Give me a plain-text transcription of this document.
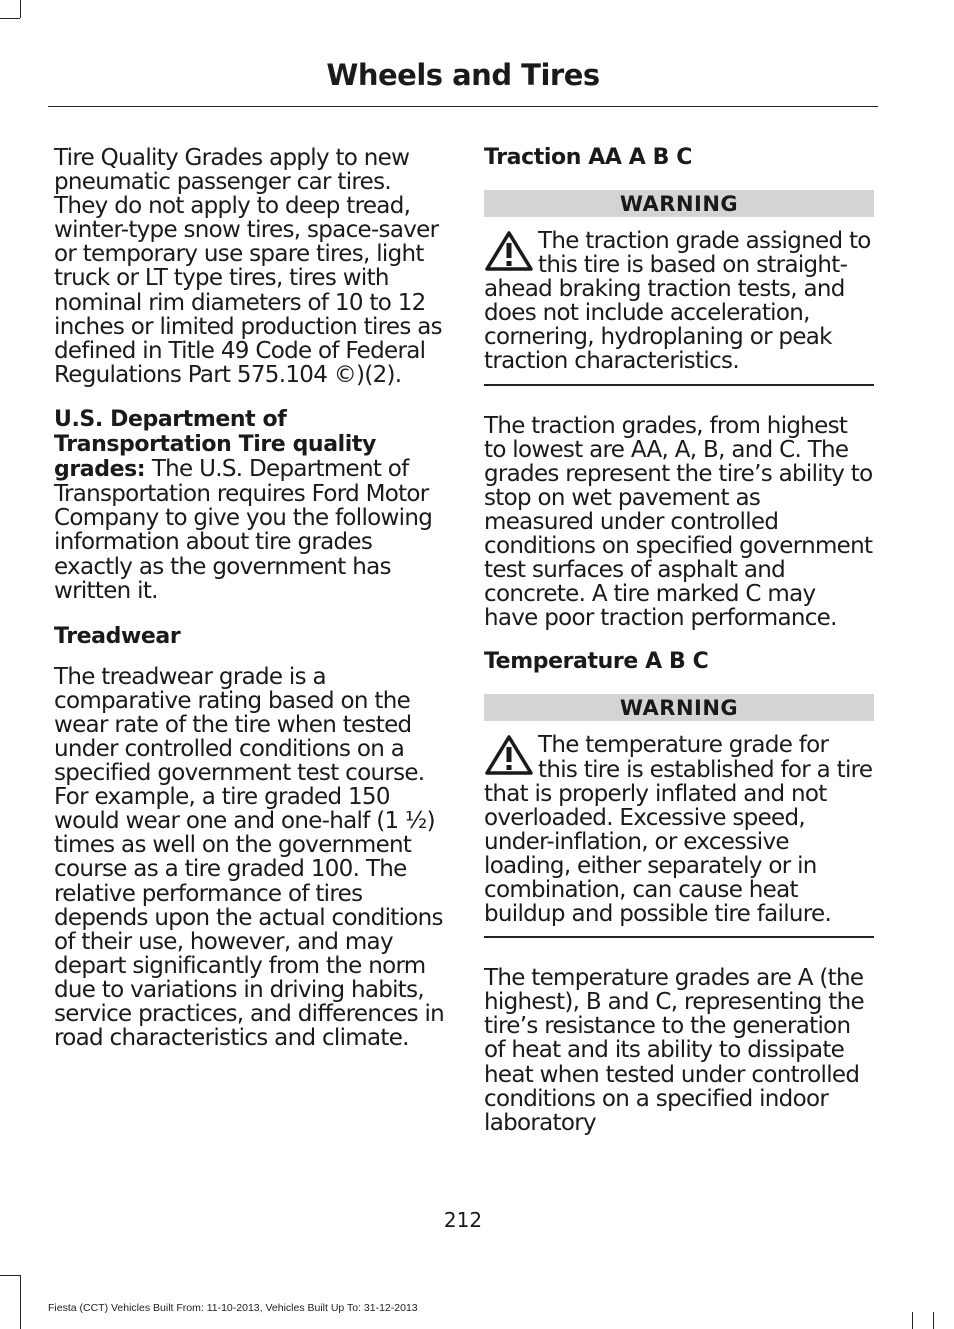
Wheels and Tires

Tire Quality Grades apply to new pneumatic passenger car tires. They do not apply to deep tread, winter-type snow tires, space-saver or temporary use spare tires, light truck or LT type tires, tires with nominal rim diameters of 10 to 12 inches or limited production tires as defined in Title 49 Code of Federal Regulations Part 575.104 ©)(2).

U.S. Department of Transportation Tire quality grades: The U.S. Department of Transportation requires Ford Motor Company to give you the following information about tire grades exactly as the government has written it.

Treadwear

The treadwear grade is a comparative rating based on the wear rate of the tire when tested under controlled conditions on a specified government test course. For example, a tire graded 150 would wear one and one-half (1 ½) times as well on the government course as a tire graded 100. The relative performance of tires depends upon the actual conditions of their use, however, and may depart significantly from the norm due to variations in driving habits, service practices, and differences in road characteristics and climate.

Traction AA A B C
WARNING

The traction grade assigned to this tire is based on straight-ahead braking traction tests, and does not include acceleration, cornering, hydroplaning or peak traction characteristics.

The traction grades, from highest to lowest are AA, A, B, and C. The grades represent the tire’s ability to stop on wet pavement as measured under controlled conditions on specified government test surfaces of asphalt and concrete. A tire marked C may have poor traction performance.

Temperature A B C
WARNING

The temperature grade for this tire is established for a tire that is properly inflated and not overloaded. Excessive speed, under-inflation, or excessive loading, either separately or in combination, can cause heat buildup and possible tire failure.

The temperature grades are A (the highest), B and C, representing the tire’s resistance to the generation of heat and its ability to dissipate heat when tested under controlled conditions on a specified indoor laboratory

212
Fiesta (CCT) Vehicles Built From: 11-10-2013, Vehicles Built Up To: 31-12-2013
